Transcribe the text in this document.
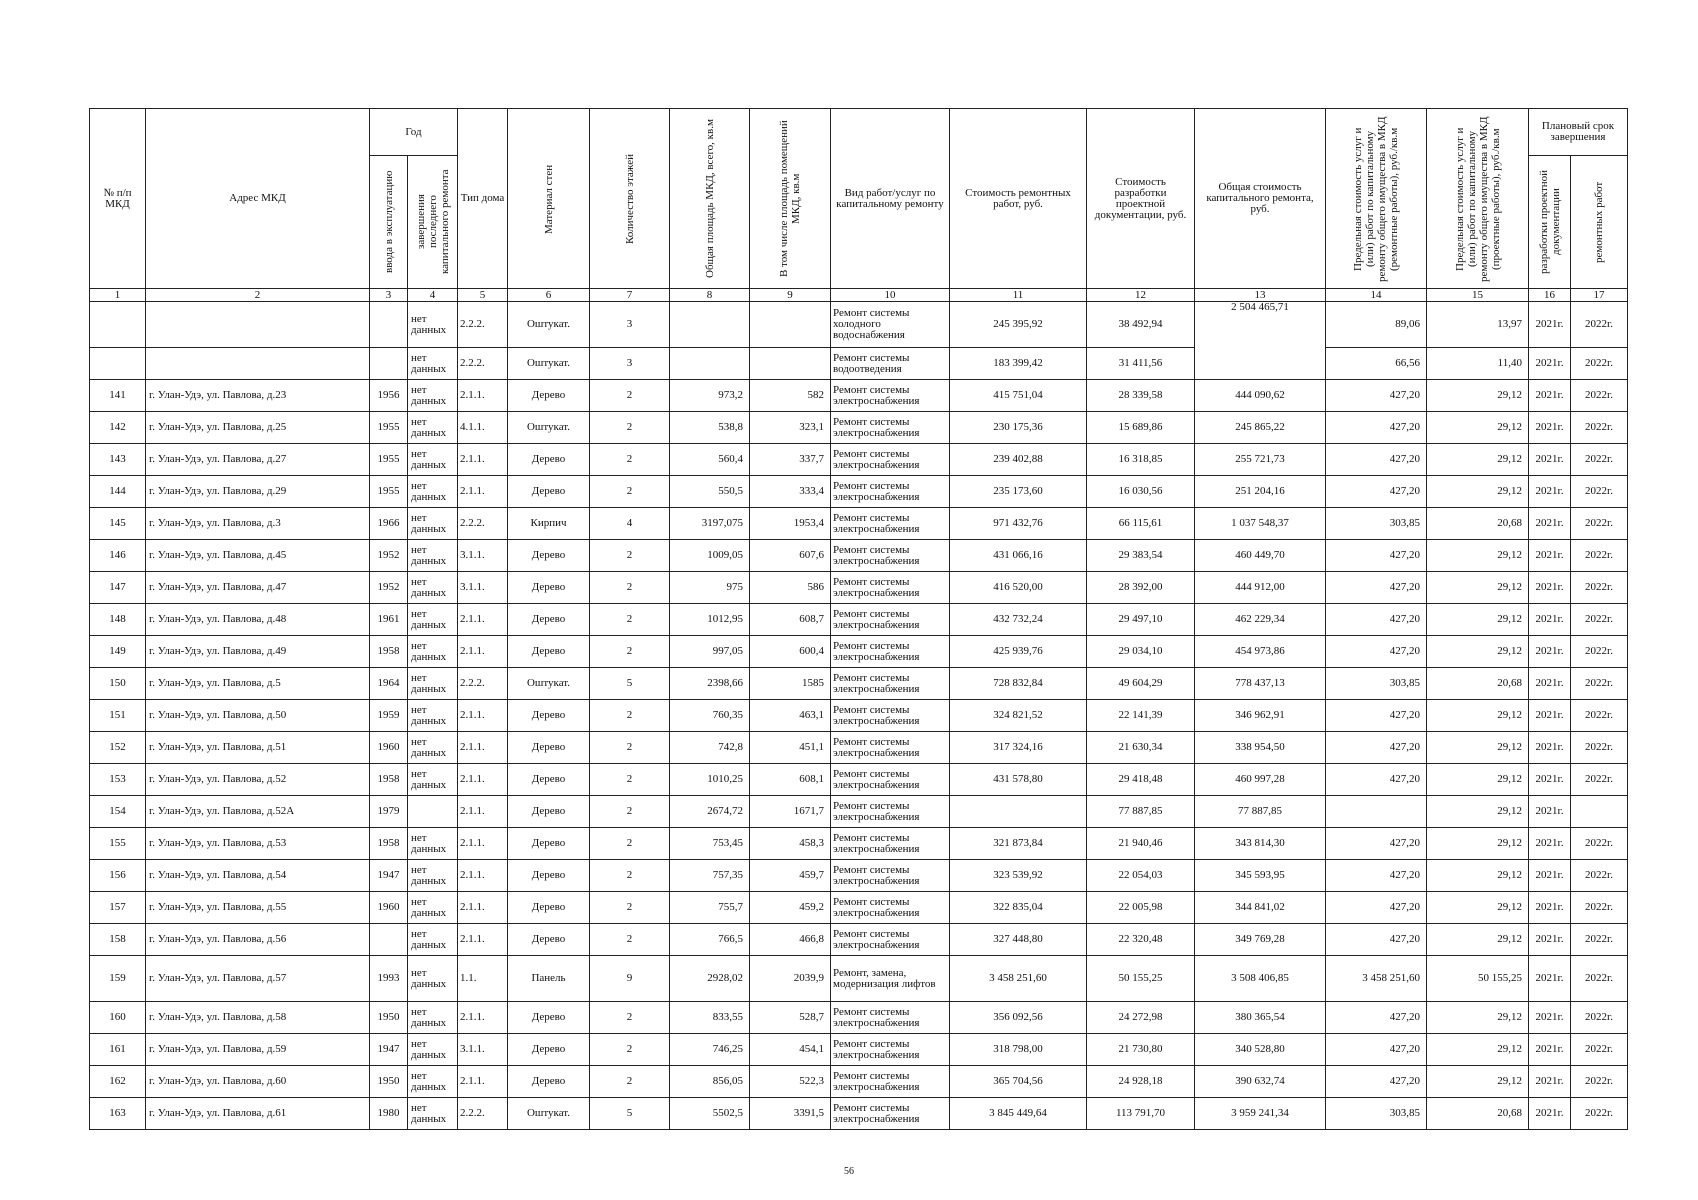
№ п/п МКД	Адрес МКД	Год		Тип дома	Материал стен	Количество этажей	Общая площадь МКД, всего, кв.м	В том числе площадь помещений МКД, кв.м	Вид работ/услуг по капитальному ремонту	Стоимость ремонтных работ, руб.	Стоимость разработки проектной документации, руб.	Общая стоимость капитального ремонта, руб.	Предельная стоимость услуг и (или) работ по капитальному ремонту общего имущества в МКД (ремонтные работы), руб./кв.м	Предельная стоимость услуг и (или) работ по капитальному ремонту общего имущества в МКД (проектные работы), руб./кв.м	Плановый срок завершения	

		ввода в эксплуатацию	завершения последнего капитального ремонта												разработки проектной документации	ремонтных работ

1	2	3	4	5	6	7	8	9	10	11	12	13	14	15	16	17
			нет данных	2.2.2.	Оштукат.	3			Ремонт системы холодного водоснабжения	245 395,92	38 492,94	2 504 465,71	89,06	13,97	2021г.	2022г.
			нет данных	2.2.2.	Оштукат.	3			Ремонт системы водоотведения	183 399,42	31 411,56		66,56	11,40	2021г.	2022г.
141	г. Улан-Удэ, ул. Павлова, д.23	1956	нет данных	2.1.1.	Дерево	2	973,2	582	Ремонт системы электроснабжения	415 751,04	28 339,58	444 090,62	427,20	29,12	2021г.	2022г.
142	г. Улан-Удэ, ул. Павлова, д.25	1955	нет данных	4.1.1.	Оштукат.	2	538,8	323,1	Ремонт системы электроснабжения	230 175,36	15 689,86	245 865,22	427,20	29,12	2021г.	2022г.
143	г. Улан-Удэ, ул. Павлова, д.27	1955	нет данных	2.1.1.	Дерево	2	560,4	337,7	Ремонт системы электроснабжения	239 402,88	16 318,85	255 721,73	427,20	29,12	2021г.	2022г.
144	г. Улан-Удэ, ул. Павлова, д.29	1955	нет данных	2.1.1.	Дерево	2	550,5	333,4	Ремонт системы электроснабжения	235 173,60	16 030,56	251 204,16	427,20	29,12	2021г.	2022г.
145	г. Улан-Удэ, ул. Павлова, д.3	1966	нет данных	2.2.2.	Кирпич	4	3197,075	1953,4	Ремонт системы электроснабжения	971 432,76	66 115,61	1 037 548,37	303,85	20,68	2021г.	2022г.
146	г. Улан-Удэ, ул. Павлова, д.45	1952	нет данных	3.1.1.	Дерево	2	1009,05	607,6	Ремонт системы электроснабжения	431 066,16	29 383,54	460 449,70	427,20	29,12	2021г.	2022г.
147	г. Улан-Удэ, ул. Павлова, д.47	1952	нет данных	3.1.1.	Дерево	2	975	586	Ремонт системы электроснабжения	416 520,00	28 392,00	444 912,00	427,20	29,12	2021г.	2022г.
148	г. Улан-Удэ, ул. Павлова, д.48	1961	нет данных	2.1.1.	Дерево	2	1012,95	608,7	Ремонт системы электроснабжения	432 732,24	29 497,10	462 229,34	427,20	29,12	2021г.	2022г.
149	г. Улан-Удэ, ул. Павлова, д.49	1958	нет данных	2.1.1.	Дерево	2	997,05	600,4	Ремонт системы электроснабжения	425 939,76	29 034,10	454 973,86	427,20	29,12	2021г.	2022г.
150	г. Улан-Удэ, ул. Павлова, д.5	1964	нет данных	2.2.2.	Оштукат.	5	2398,66	1585	Ремонт системы электроснабжения	728 832,84	49 604,29	778 437,13	303,85	20,68	2021г.	2022г.
151	г. Улан-Удэ, ул. Павлова, д.50	1959	нет данных	2.1.1.	Дерево	2	760,35	463,1	Ремонт системы электроснабжения	324 821,52	22 141,39	346 962,91	427,20	29,12	2021г.	2022г.
152	г. Улан-Удэ, ул. Павлова, д.51	1960	нет данных	2.1.1.	Дерево	2	742,8	451,1	Ремонт системы электроснабжения	317 324,16	21 630,34	338 954,50	427,20	29,12	2021г.	2022г.
153	г. Улан-Удэ, ул. Павлова, д.52	1958	нет данных	2.1.1.	Дерево	2	1010,25	608,1	Ремонт системы электроснабжения	431 578,80	29 418,48	460 997,28	427,20	29,12	2021г.	2022г.
154	г. Улан-Удэ, ул. Павлова, д.52А	1979		2.1.1.	Дерево	2	2674,72	1671,7	Ремонт системы электроснабжения		77 887,85	77 887,85		29,12	2021г.	
155	г. Улан-Удэ, ул. Павлова, д.53	1958	нет данных	2.1.1.	Дерево	2	753,45	458,3	Ремонт системы электроснабжения	321 873,84	21 940,46	343 814,30	427,20	29,12	2021г.	2022г.
156	г. Улан-Удэ, ул. Павлова, д.54	1947	нет данных	2.1.1.	Дерево	2	757,35	459,7	Ремонт системы электроснабжения	323 539,92	22 054,03	345 593,95	427,20	29,12	2021г.	2022г.
157	г. Улан-Удэ, ул. Павлова, д.55	1960	нет данных	2.1.1.	Дерево	2	755,7	459,2	Ремонт системы электроснабжения	322 835,04	22 005,98	344 841,02	427,20	29,12	2021г.	2022г.
158	г. Улан-Удэ, ул. Павлова, д.56		нет данных	2.1.1.	Дерево	2	766,5	466,8	Ремонт системы электроснабжения	327 448,80	22 320,48	349 769,28	427,20	29,12	2021г.	2022г.
159	г. Улан-Удэ, ул. Павлова, д.57	1993	нет данных	1.1.	Панель	9	2928,02	2039,9	Ремонт, замена, модернизация лифтов	3 458 251,60	50 155,25	3 508 406,85	3 458 251,60	50 155,25	2021г.	2022г.
160	г. Улан-Удэ, ул. Павлова, д.58	1950	нет данных	2.1.1.	Дерево	2	833,55	528,7	Ремонт системы электроснабжения	356 092,56	24 272,98	380 365,54	427,20	29,12	2021г.	2022г.
161	г. Улан-Удэ, ул. Павлова, д.59	1947	нет данных	3.1.1.	Дерево	2	746,25	454,1	Ремонт системы электроснабжения	318 798,00	21 730,80	340 528,80	427,20	29,12	2021г.	2022г.
162	г. Улан-Удэ, ул. Павлова, д.60	1950	нет данных	2.1.1.	Дерево	2	856,05	522,3	Ремонт системы электроснабжения	365 704,56	24 928,18	390 632,74	427,20	29,12	2021г.	2022г.
163	г. Улан-Удэ, ул. Павлова, д.61	1980	нет данных	2.2.2.	Оштукат.	5	5502,5	3391,5	Ремонт системы электроснабжения	3 845 449,64	113 791,70	3 959 241,34	303,85	20,68	2021г.	2022г.
56
